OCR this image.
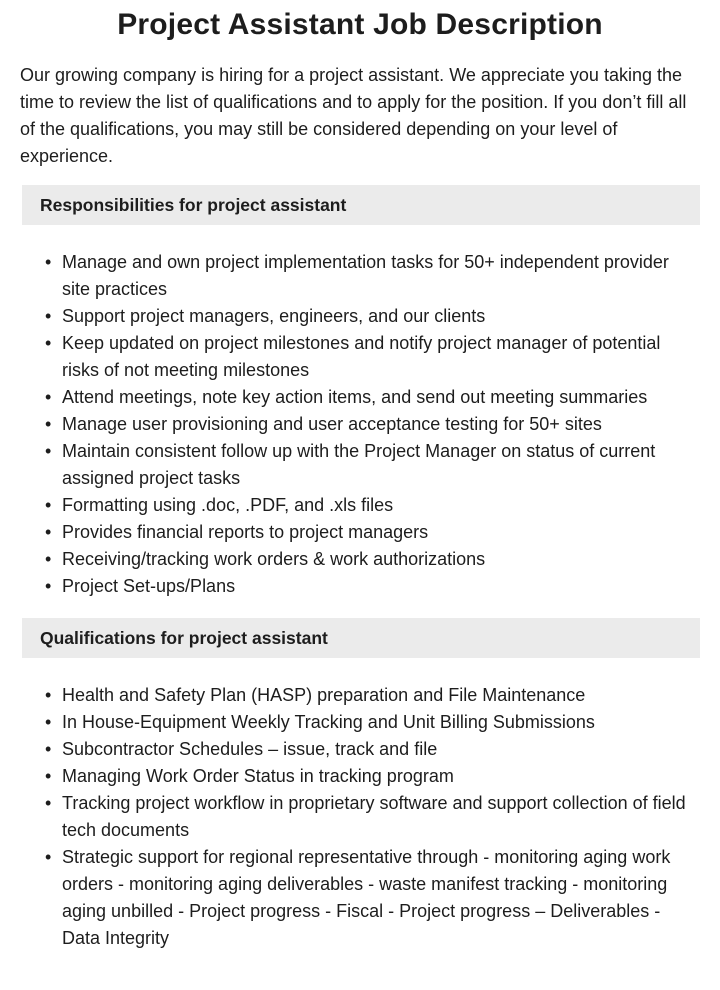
Project Assistant Job Description

Our growing company is hiring for a project assistant. We appreciate you taking the time to review the list of qualifications and to apply for the position. If you don’t fill all of the qualifications, you may still be considered depending on your level of experience.

Responsibilities for project assistant
• Manage and own project implementation tasks for 50+ independent provider site practices
• Support project managers, engineers, and our clients
• Keep updated on project milestones and notify project manager of potential risks of not meeting milestones
• Attend meetings, note key action items, and send out meeting summaries
• Manage user provisioning and user acceptance testing for 50+ sites
• Maintain consistent follow up with the Project Manager on status of current assigned project tasks
• Formatting using .doc, .PDF, and .xls files
• Provides financial reports to project managers
• Receiving/tracking work orders & work authorizations
• Project Set-ups/Plans
Qualifications for project assistant
• Health and Safety Plan (HASP) preparation and File Maintenance
• In House-Equipment Weekly Tracking and Unit Billing Submissions
• Subcontractor Schedules – issue, track and file
• Managing Work Order Status in tracking program
• Tracking project workflow in proprietary software and support collection of field tech documents
• Strategic support for regional representative through - monitoring aging work orders - monitoring aging deliverables - waste manifest tracking - monitoring aging unbilled - Project progress - Fiscal - Project progress – Deliverables - Data Integrity
